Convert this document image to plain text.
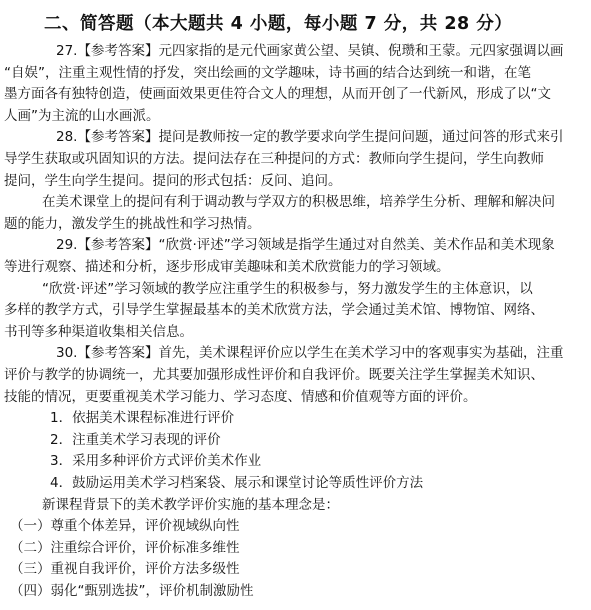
二、简答题（本大题共 4 小题，每小题 7 分，共 28 分）
27.【参考答案】元四家指的是元代画家黄公望、吴镇、倪瓒和王蒙。元四家强调以画
“自娱”，注重主观性情的抒发，突出绘画的文学趣味，诗书画的结合达到统一和谐，在笔
墨方面各有独特创造，使画面效果更佳符合文人的理想，从而开创了一代新风，形成了以“文
人画”为主流的山水画派。
28.【参考答案】提问是教师按一定的教学要求向学生提问问题，通过问答的形式来引
导学生获取或巩固知识的方法。提问法存在三种提问的方式：教师向学生提问，学生向教师
提问，学生向学生提问。提问的形式包括：反问、追问。
在美术课堂上的提问有利于调动教与学双方的积极思维，培养学生分析、理解和解决问
题的能力，激发学生的挑战性和学习热情。
29.【参考答案】“欣赏·评述”学习领域是指学生通过对自然美、美术作品和美术现象
等进行观察、描述和分析，逐步形成审美趣味和美术欣赏能力的学习领域。
“欣赏·评述”学习领域的教学应注重学生的积极参与，努力激发学生的主体意识，以
多样的教学方式，引导学生掌握最基本的美术欣赏方法，学会通过美术馆、博物馆、网络、
书刊等多种渠道收集相关信息。
30.【参考答案】首先，美术课程评价应以学生在美术学习中的客观事实为基础，注重
评价与教学的协调统一，尤其要加强形成性评价和自我评价。既要关注学生掌握美术知识、
技能的情况，更要重视美术学习能力、学习态度、情感和价值观等方面的评价。
1．依据美术课程标准进行评价
2．注重美术学习表现的评价
3．采用多种评价方式评价美术作业
4．鼓励运用美术学习档案袋、展示和课堂讨论等质性评价方法
新课程背景下的美术教学评价实施的基本理念是：
（一）尊重个体差异，评价视域纵向性
（二）注重综合评价，评价标准多维性
（三）重视自我评价，评价方法多级性
（四）弱化“甄别选拔”，评价机制激励性
